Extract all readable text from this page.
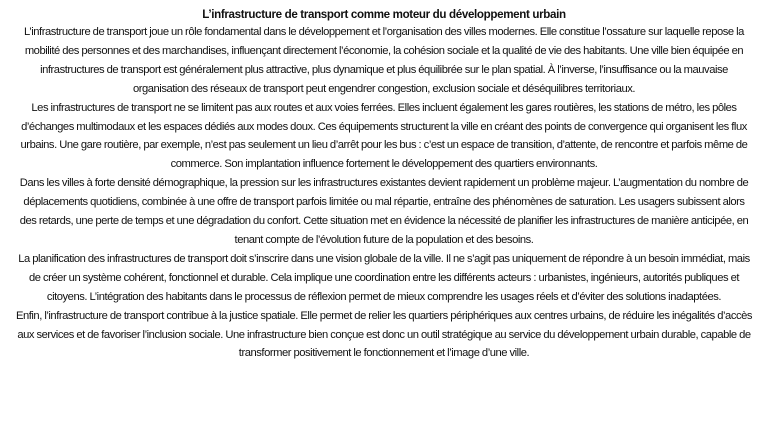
L’infrastructure de transport comme moteur du développement urbain

L’infrastructure de transport joue un rôle fondamental dans le développement et l’organisation des villes modernes. Elle constitue l’ossature sur laquelle repose la mobilité des personnes et des marchandises, influençant directement l’économie, la cohésion sociale et la qualité de vie des habitants. Une ville bien équipée en infrastructures de transport est généralement plus attractive, plus dynamique et plus équilibrée sur le plan spatial. À l’inverse, l’insuffisance ou la mauvaise organisation des réseaux de transport peut engendrer congestion, exclusion sociale et déséquilibres territoriaux.

Les infrastructures de transport ne se limitent pas aux routes et aux voies ferrées. Elles incluent également les gares routières, les stations de métro, les pôles d’échanges multimodaux et les espaces dédiés aux modes doux. Ces équipements structurent la ville en créant des points de convergence qui organisent les flux urbains. Une gare routière, par exemple, n’est pas seulement un lieu d’arrêt pour les bus : c’est un espace de transition, d’attente, de rencontre et parfois même de commerce. Son implantation influence fortement le développement des quartiers environnants.

Dans les villes à forte densité démographique, la pression sur les infrastructures existantes devient rapidement un problème majeur. L’augmentation du nombre de déplacements quotidiens, combinée à une offre de transport parfois limitée ou mal répartie, entraîne des phénomènes de saturation. Les usagers subissent alors des retards, une perte de temps et une dégradation du confort. Cette situation met en évidence la nécessité de planifier les infrastructures de manière anticipée, en tenant compte de l’évolution future de la population et des besoins.

La planification des infrastructures de transport doit s’inscrire dans une vision globale de la ville. Il ne s’agit pas uniquement de répondre à un besoin immédiat, mais de créer un système cohérent, fonctionnel et durable. Cela implique une coordination entre les différents acteurs : urbanistes, ingénieurs, autorités publiques et citoyens. L’intégration des habitants dans le processus de réflexion permet de mieux comprendre les usages réels et d’éviter des solutions inadaptées.

Enfin, l’infrastructure de transport contribue à la justice spatiale. Elle permet de relier les quartiers périphériques aux centres urbains, de réduire les inégalités d’accès aux services et de favoriser l’inclusion sociale. Une infrastructure bien conçue est donc un outil stratégique au service du développement urbain durable, capable de transformer positivement le fonctionnement et l’image d’une ville.
